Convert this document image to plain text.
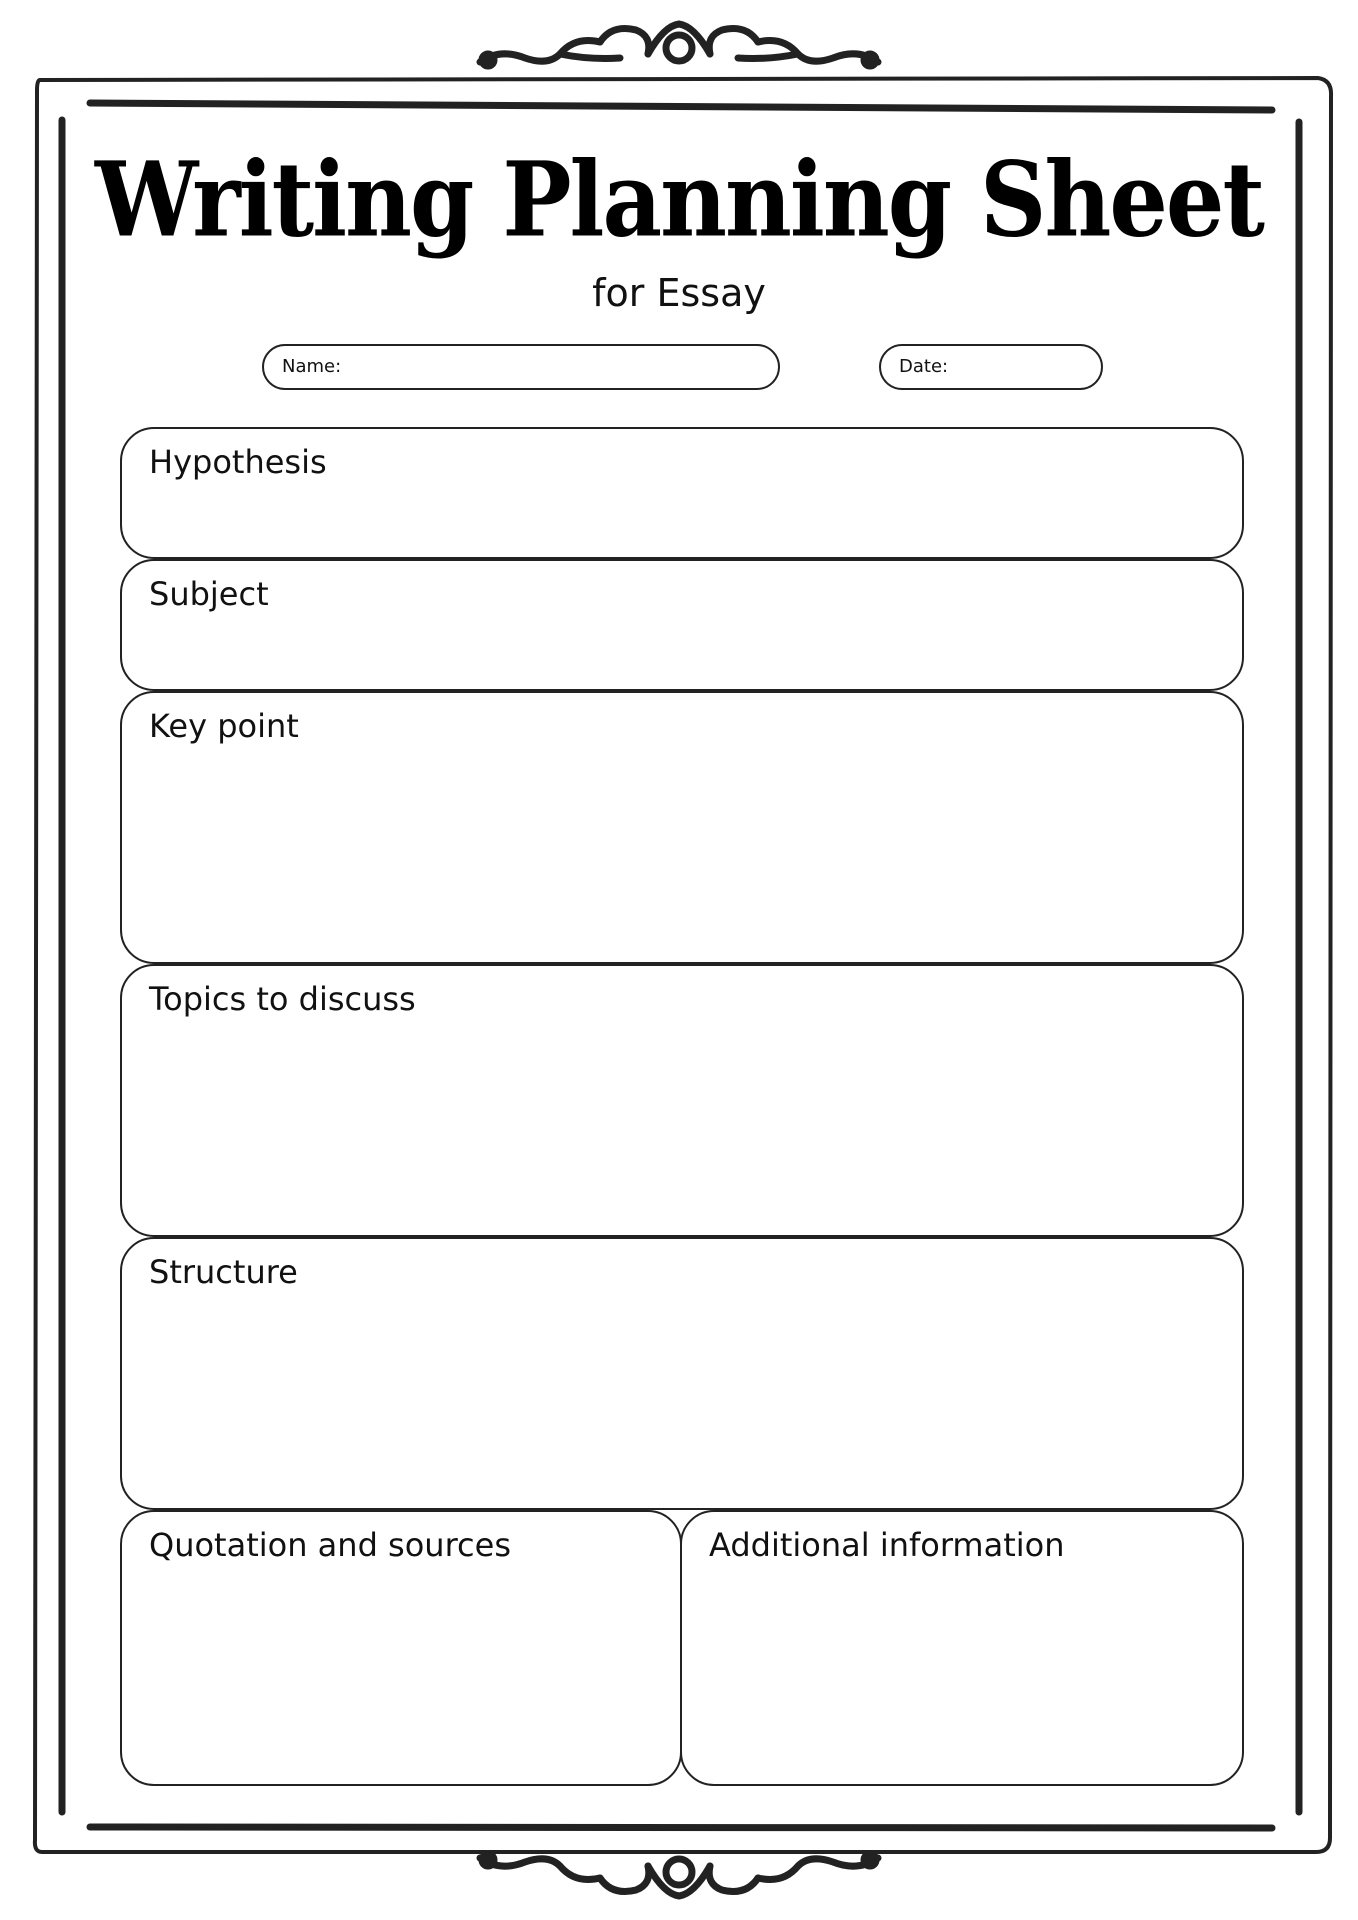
Writing Planning Sheet
for Essay
Name:	Date:
Hypothesis
Subject
Key point
Topics to discuss
Structure
Quotation and sources	Additional information
